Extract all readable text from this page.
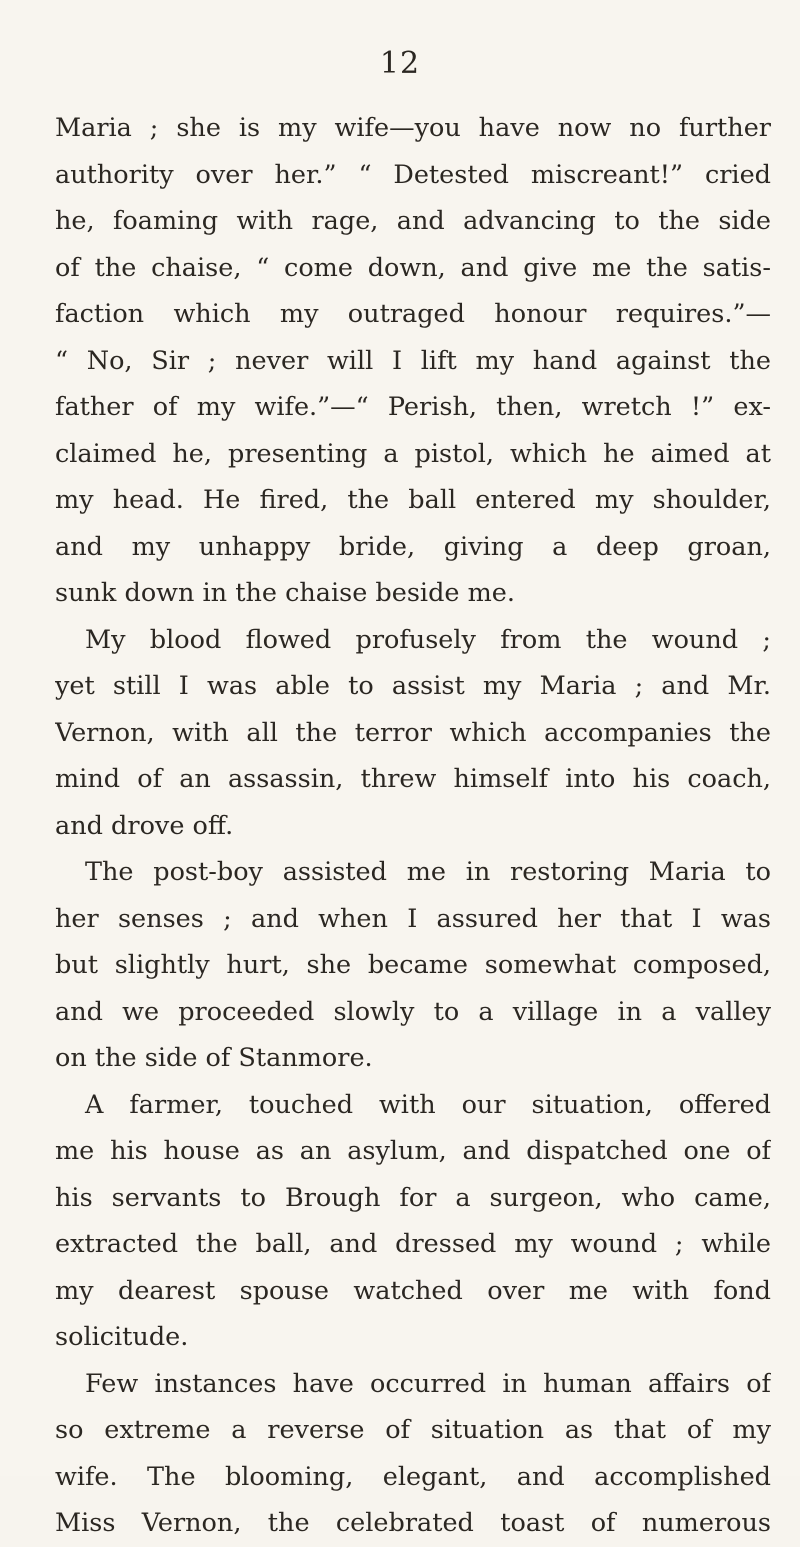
12
Maria ; she is my wife—you have now no further
authority over her.” “ Detested miscreant!” cried
he, foaming with rage, and advancing to the side
of the chaise, “ come down, and give me the satis-
faction which my outraged honour requires.”—
“ No, Sir ; never will I lift my hand against the
father of my wife.”—“ Perish, then, wretch !” ex-
claimed he, presenting a pistol, which he aimed at
my head. He fired, the ball entered my shoulder,
and my unhappy bride, giving a deep groan,
sunk down in the chaise beside me.
My blood flowed profusely from the wound ;
yet still I was able to assist my Maria ; and Mr.
Vernon, with all the terror which accompanies the
mind of an assassin, threw himself into his coach,
and drove off.
The post-boy assisted me in restoring Maria to
her senses ; and when I assured her that I was
but slightly hurt, she became somewhat composed,
and we proceeded slowly to a village in a valley
on the side of Stanmore.
A farmer, touched with our situation, offered
me his house as an asylum, and dispatched one of
his servants to Brough for a surgeon, who came,
extracted the ball, and dressed my wound ; while
my dearest spouse watched over me with fond
solicitude.
Few instances have occurred in human affairs of
so extreme a reverse of situation as that of my
wife. The blooming, elegant, and accomplished
Miss Vernon, the celebrated toast of numerous
